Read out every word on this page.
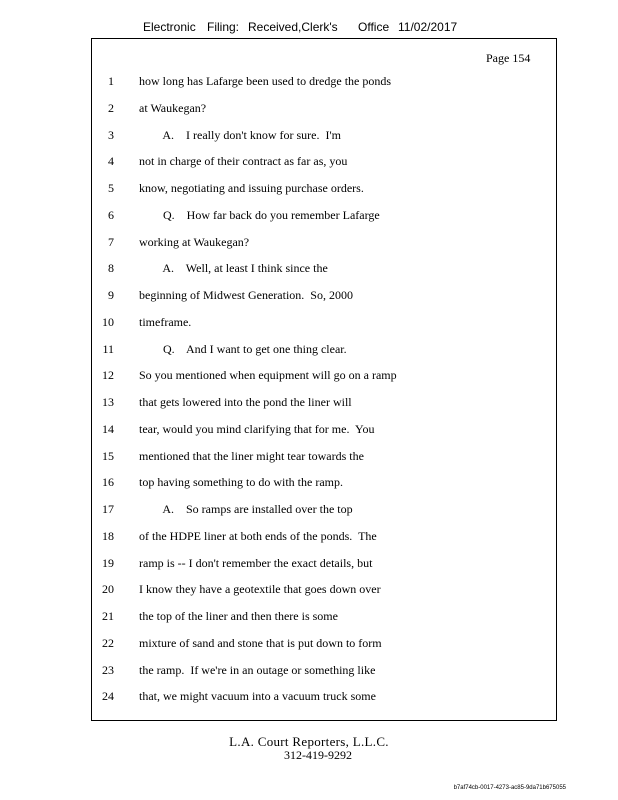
Electronic Filing: Received,Clerk's Office 11/02/2017
Page 154
1 how long has Lafarge been used to dredge the ponds
2 at Waukegan?
3 A.    I really don't know for sure.  I'm
4 not in charge of their contract as far as, you
5 know, negotiating and issuing purchase orders.
6 Q.    How far back do you remember Lafarge
7 working at Waukegan?
8 A.    Well, at least I think since the
9 beginning of Midwest Generation.  So, 2000
10 timeframe.
11 Q.    And I want to get one thing clear.
12 So you mentioned when equipment will go on a ramp
13 that gets lowered into the pond the liner will
14 tear, would you mind clarifying that for me.  You
15 mentioned that the liner might tear towards the
16 top having something to do with the ramp.
17 A.    So ramps are installed over the top
18 of the HDPE liner at both ends of the ponds.  The
19 ramp is -- I don't remember the exact details, but
20 I know they have a geotextile that goes down over
21 the top of the liner and then there is some
22 mixture of sand and stone that is put down to form
23 the ramp.  If we're in an outage or something like
24 that, we might vacuum into a vacuum truck some
L.A. Court Reporters, L.L.C.
312-419-9292
b7af74cb-0017-4273-ac85-9da71b675055
